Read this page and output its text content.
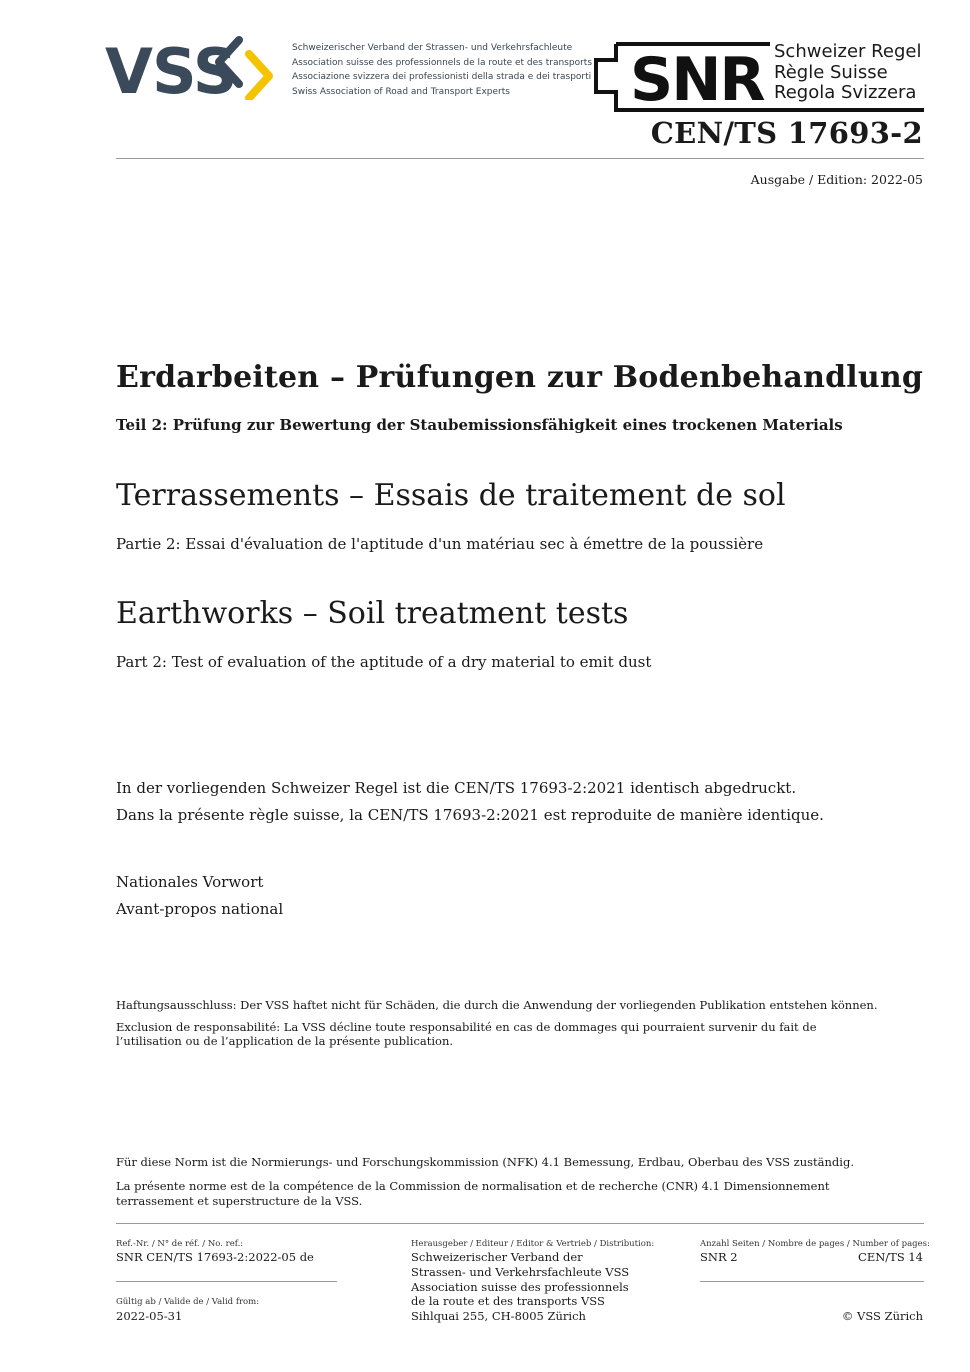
VSS	Schweizerischer Verband der Strassen- und Verkehrsfachleute
Association suisse des professionnels de la route et des transports
Associazione svizzera dei professionisti della strada e dei trasporti
Swiss Association of Road and Transport Experts	SNR Schweizer Regel
Règle Suisse
Regola Svizzera
CEN/TS 17693-2
Ausgabe / Edition: 2022-05
Erdarbeiten – Prüfungen zur Bodenbehandlung
Teil 2: Prüfung zur Bewertung der Staubemissionsfähigkeit eines trockenen Materials
Terrassements – Essais de traitement de sol
Partie 2: Essai d'évaluation de l'aptitude d'un matériau sec à émettre de la poussière
Earthworks – Soil treatment tests
Part 2: Test of evaluation of the aptitude of a dry material to emit dust
In der vorliegenden Schweizer Regel ist die CEN/TS 17693-2:2021 identisch abgedruckt.
Dans la présente règle suisse, la CEN/TS 17693-2:2021 est reproduite de manière identique.
Nationales Vorwort
Avant-propos national
Haftungsausschluss: Der VSS haftet nicht für Schäden, die durch die Anwendung der vorliegenden Publikation entstehen können.
Exclusion de responsabilité: La VSS décline toute responsabilité en cas de dommages qui pourraient survenir du fait de l’utilisation ou de l’application de la présente publication.
Für diese Norm ist die Normierungs- und Forschungskommission (NFK) 4.1 Bemessung, Erdbau, Oberbau des VSS zuständig.
La présente norme est de la compétence de la Commission de normalisation et de recherche (CNR) 4.1 Dimensionnement terrassement et superstructure de la VSS.
Ref.-Nr. / N° de réf. / No. ref.:
SNR CEN/TS 17693-2:2022-05 de
Gültig ab / Valide de / Valid from:
2022-05-31
Herausgeber / Editeur / Editor & Vertrieb / Distribution:
Schweizerischer Verband der
Strassen- und Verkehrsfachleute VSS
Association suisse des professionnels
de la route et des transports VSS
Sihlquai 255, CH-8005 Zürich
Anzahl Seiten / Nombre de pages / Number of pages:
SNR 2	CEN/TS 14
© VSS Zürich
